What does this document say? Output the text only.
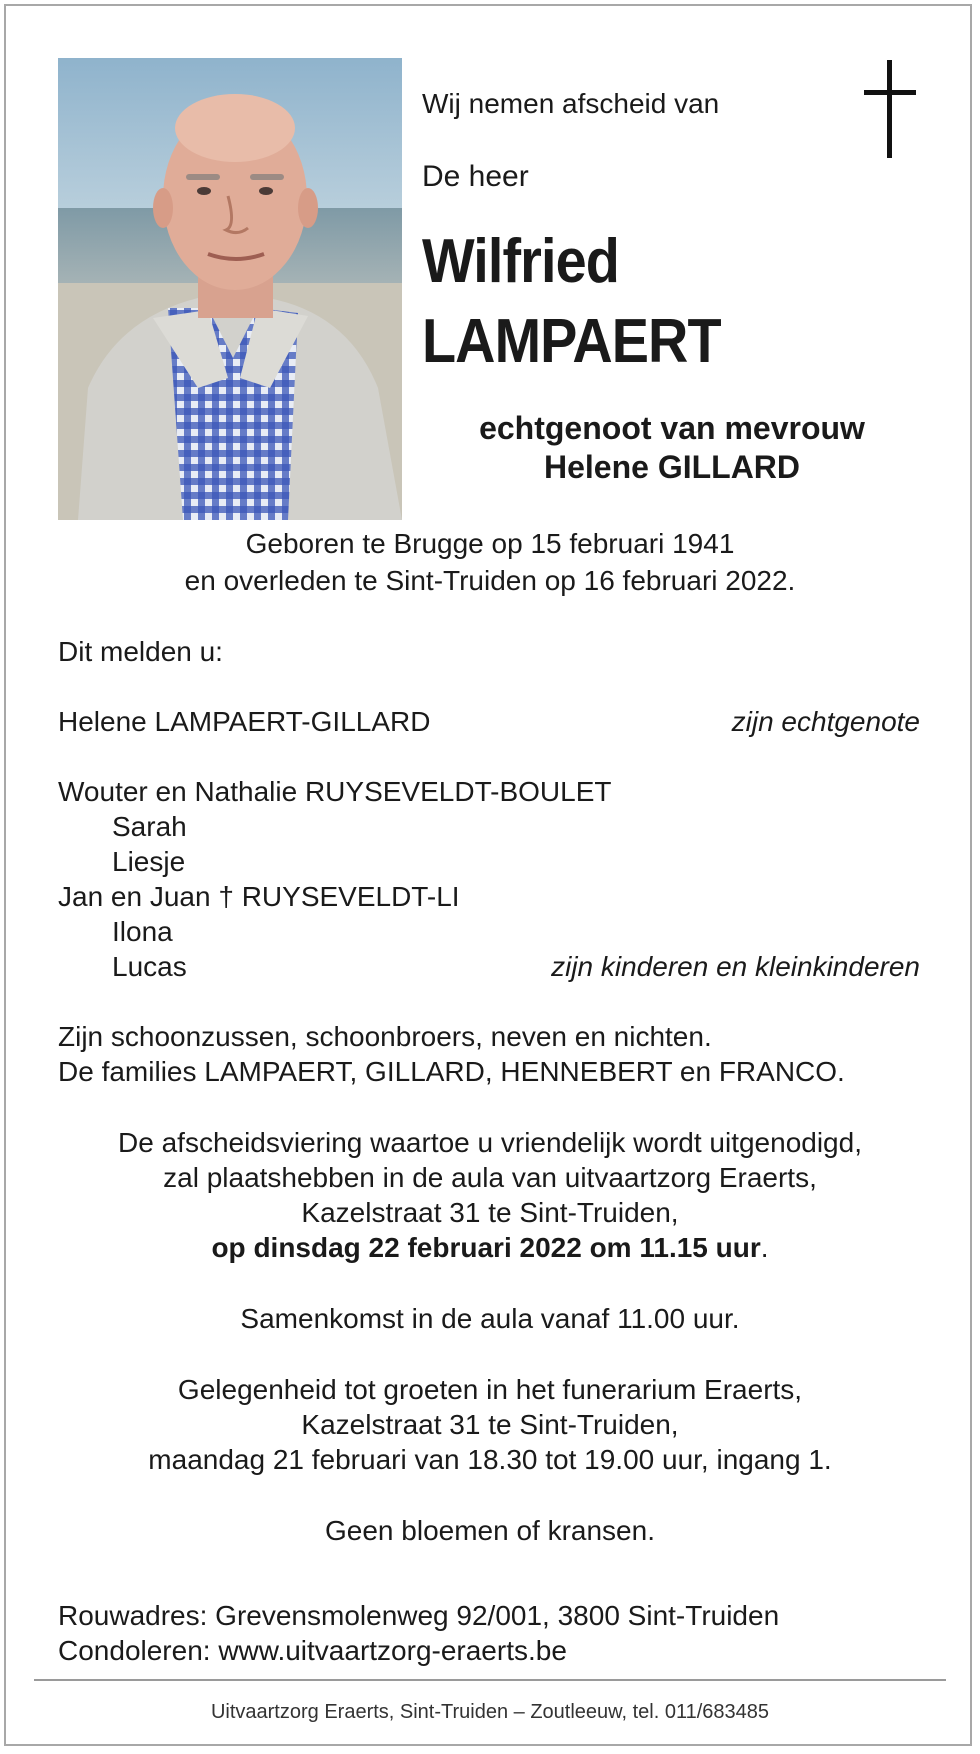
Wij nemen afscheid van
De heer
Wilfried
LAMPAERT
echtgenoot van mevrouw
Helene GILLARD
Geboren te Brugge op 15 februari 1941
en overleden te Sint-Truiden op 16 februari 2022.
Dit melden u:
Helene LAMPAERT-GILLARD	zijn echtgenote
Wouter en Nathalie RUYSEVELDT-BOULET
Sarah
Liesje
Jan en Juan † RUYSEVELDT-LI
Ilona
Lucas	zijn kinderen en kleinkinderen
Zijn schoonzussen, schoonbroers, neven en nichten.
De families LAMPAERT, GILLARD, HENNEBERT en FRANCO.
De afscheidsviering waartoe u vriendelijk wordt uitgenodigd,
zal plaatshebben in de aula van uitvaartzorg Eraerts,
Kazelstraat 31 te Sint-Truiden,
op dinsdag 22 februari 2022 om 11.15 uur.
Samenkomst in de aula vanaf 11.00 uur.
Gelegenheid tot groeten in het funerarium Eraerts,
Kazelstraat 31 te Sint-Truiden,
maandag 21 februari van 18.30 tot 19.00 uur, ingang 1.
Geen bloemen of kransen.
Rouwadres: Grevensmolenweg 92/001, 3800 Sint-Truiden
Condoleren: www.uitvaartzorg-eraerts.be
Uitvaartzorg Eraerts, Sint-Truiden – Zoutleeuw, tel. 011/683485
